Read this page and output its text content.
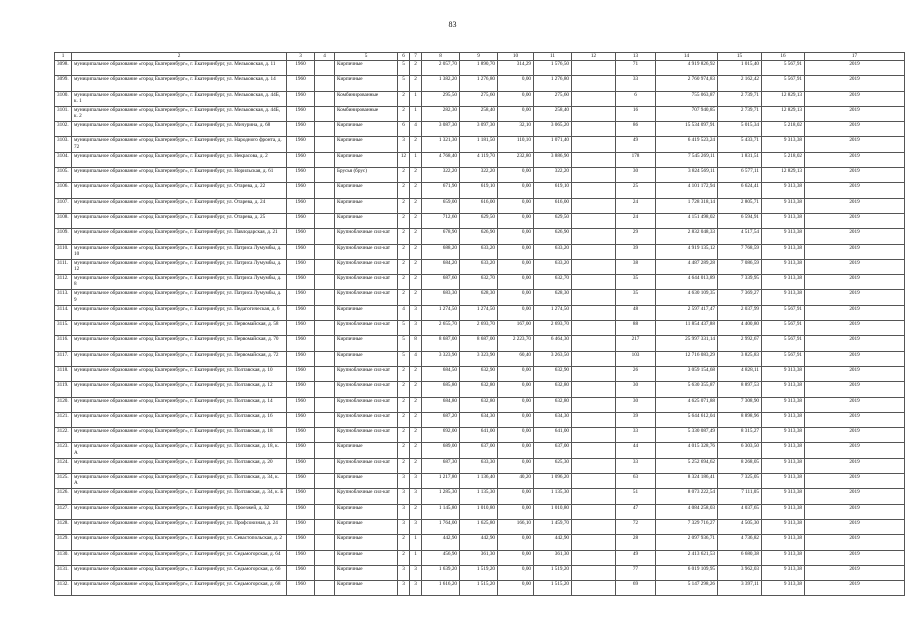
83
1	2	3	4	5	6	7	8	9	10	11	12	13	14	15	16	17
3098.	муниципальное образование «город Екатеринбург», г. Екатеринбург, ул. Мельковская, д. 11	1960		Кирпичные	5	2	2 057,70	1 890,70	314,29	1 576,50		71	4 919 826,92	1 015,40	5 567,91	2019
3099.	муниципальное образование «город Екатеринбург», г. Екатеринбург, ул. Мельковская, д. 14	1960		Кирпичные	5	2	1 382,20	1 276,80	0,00	1 276,80		33	2 760 974,83	2 162,42	5 567,91	2019
3100.	муниципальное образование «город Екатеринбург», г. Екатеринбург, ул. Мельковская, д. 44Б, к. 1	1960		Комбинированные	2	1	295,50	275,60	0,00	275,60		6	755 063,87	2 739,71	12 829,13	2019
3101.	муниципальное образование «город Екатеринбург», г. Екатеринбург, ул. Мельковская, д. 44Б, к. 2	1960		Комбинированные	2	1	282,30	258,40	0,00	258,40		16	707 940,85	2 739,71	12 829,13	2019
3102.	муниципальное образование «город Екатеринбург», г. Екатеринбург, ул. Мичурина, д. 68	1960		Кирпичные	6	4	3 087,30	3 097,30	32,10	3 065,20		86	15 534 097,91	5 015,34	5 218,02	2019
3103.	муниципальное образование «город Екатеринбург», г. Екатеринбург, ул. Народного фронта, д. 72	1960		Кирпичные	3	2	1 321,30	1 181,50	110,10	1 071,40		49	6 419 523,24	5 433,71	9 313,38	2019
3104.	муниципальное образование «город Екатеринбург», г. Екатеринбург, ул. Некрасова, д. 2	1960		Кирпичные	12	1	4 768,40	4 119,70	232,80	3 886,90		178	7 545 269,11	1 831,51	5 218,02	2019
3105.	муниципальное образование «город Екатеринбург», г. Екатеринбург, ул. Норильская, д. 61	1960		Брусья (брус)	2	2	322,20	322,20	0,00	322,20		30	3 824 569,11	6 577,11	12 829,13	2019
3106.	муниципальное образование «город Екатеринбург», г. Екатеринбург, ул. Отарева, д. 22	1960		Кирпичные	2	2	671,90	619,10	0,00	619,10		25	4 101 172,94	6 624,41	9 313,38	2019
3107.	муниципальное образование «город Екатеринбург», г. Екатеринбург, ул. Отарева, д. 24	1960		Кирпичные	2	2	659,00	616,00	0,00	616,00		24	1 728 318,14	2 805,71	9 313,38	2019
3108.	муниципальное образование «город Екатеринбург», г. Екатеринбург, ул. Отарева, д. 25	1960		Кирпичные	2	2	712,60	629,50	0,00	629,50		24	4 151 498,02	6 594,91	9 313,38	2019
3109.	муниципальное образование «город Екатеринбург», г. Екатеринбург, ул. Павлодарская, д. 21	1960		Крупноблочные сил-кат	2	2	678,90	626,90	0,00	626,90		29	2 832 048,33	4 517,54	9 313,38	2019
3110.	муниципальное образование «город Екатеринбург», г. Екатеринбург, ул. Патриса Лумумбы, д. 10	1960		Крупноблочные сил-кат	2	2	688,20	633,20	0,00	633,20		39	4 919 135,12	7 768,59	9 313,38	2019
3111.	муниципальное образование «город Екатеринбург», г. Екатеринбург, ул. Патриса Лумумбы, д. 12	1960		Крупноблочные сил-кат	2	2	684,20	633,20	0,00	633,20		38	4 487 289,28	7 086,59	9 313,38	2019
3112.	муниципальное образование «город Екатеринбург», г. Екатеринбург, ул. Патриса Лумумбы, д. 8	1960		Крупноблочные сил-кат	2	2	687,60	632,70	0,00	632,70		35	4 644 013,89	7 339,95	9 313,38	2019
3113.	муниципальное образование «город Екатеринбург», г. Екатеринбург, ул. Патриса Лумумбы, д. 9	1960		Крупноблочные сил-кат	2	2	683,30	628,30	0,00	628,30		35	4 630 109,35	7 369,27	9 313,38	2019
3114.	муниципальное образование «город Екатеринбург», г. Екатеринбург, ул. Педагогическая, д. 6	1960		Кирпичные	4	3	1 274,50	1 274,50	0,00	1 274,50		48	2 597 417,47	2 037,99	5 567,91	2019
3115.	муниципальное образование «город Екатеринбург», г. Екатеринбург, ул. Первомайская, д. 58	1960		Крупноблочные сил-кат	5	3	2 655,70	2 693,70	167,00	2 693,70		88	11 854 437,88	4 400,80	5 567,91	2019
3116.	муниципальное образование «город Екатеринбург», г. Екатеринбург, ул. Первомайская, д. 70	1960		Кирпичные	5	8	8 687,00	8 687,00	2 223,70	6 464,30		217	25 997 331,14	2 992,67	5 567,91	2019
3117.	муниципальное образование «город Екатеринбург», г. Екатеринбург, ул. Первомайская, д. 72	1960		Кирпичные	5	4	3 323,90	3 323,90	60,40	3 263,50		103	12 716 083,29	3 825,83	5 567,91	2019
3118.	муниципальное образование «город Екатеринбург», г. Екатеринбург, ул. Полтавская, д. 10	1960		Крупноблочные сил-кат	2	2	684,50	632,90	0,00	632,90		26	3 059 154,68	4 828,11	9 313,38	2019
3119.	муниципальное образование «город Екатеринбург», г. Екатеринбург, ул. Полтавская, д. 12	1960		Крупноблочные сил-кат	2	2	685,80	632,80	0,00	632,80		30	5 630 355,87	8 897,53	9 313,38	2019
3120.	муниципальное образование «город Екатеринбург», г. Екатеринбург, ул. Полтавская, д. 14	1960		Крупноблочные сил-кат	2	2	684,80	632,80	0,00	632,80		30	4 625 071,88	7 308,90	9 313,38	2019
3121.	муниципальное образование «город Екатеринбург», г. Екатеринбург, ул. Полтавская, д. 16	1960		Крупноблочные сил-кат	2	2	687,20	634,30	0,00	634,30		39	5 644 612,04	8 898,96	9 313,38	2019
3122.	муниципальное образование «город Екатеринбург», г. Екатеринбург, ул. Полтавская, д. 18	1960		Крупноблочные сил-кат	2	2	692,00	641,00	0,00	641,00		33	5 330 087,49	8 315,27	9 313,38	2019
3123.	муниципальное образование «город Екатеринбург», г. Екатеринбург, ул. Полтавская, д. 18, к. А	1960		Кирпичные	2	2	689,00	637,00	0,00	637,00		44	4 015 328,76	6 303,50	9 313,38	2019
3124.	муниципальное образование «город Екатеринбург», г. Екатеринбург, ул. Полтавская, д. 20	1960		Крупноблочные сил-кат	2	2	687,30	633,30	0,00	625,30		33	5 252 694,62	8 268,05	9 313,38	2019
3125.	муниципальное образование «город Екатеринбург», г. Екатеринбург, ул. Полтавская, д. 34, к. А	1960		Кирпичные	3	3	1 217,80	1 136,40	40,20	1 096,20		63	8 324 186,41	7 325,05	9 313,38	2019
3126.	муниципальное образование «город Екатеринбург», г. Екатеринбург, ул. Полтавская, д. 34, к. Б	1960		Крупноблочные сил-кат	3	3	1 285,30	1 135,30	0,00	1 135,30		51	8 073 222,54	7 111,05	9 313,38	2019
3127.	муниципальное образование «город Екатеринбург», г. Екатеринбург, ул. Проезжей, д. 32	1960		Кирпичные	3	2	1 145,80	1 010,80	0,00	1 010,80		47	4 084 258,03	4 037,65	9 313,38	2019
3128.	муниципальное образование «город Екатеринбург», г. Екатеринбург, ул. Профсоюзная, д. 24	1960		Кирпичные	3	3	1 764,00	1 625,80	166,10	1 459,70		72	7 329 716,27	4 505,30	9 313,38	2019
3129.	муниципальное образование «город Екатеринбург», г. Екатеринбург, ул. Севастопольская, д. 2	1960		Кирпичные	2	1	442,90	442,90	0,00	442,90		28	2 097 936,71	4 736,82	9 313,38	2019
3130.	муниципальное образование «город Екатеринбург», г. Екатеринбург, ул. Седьмогорская, д. 64	1960		Кирпичные	2	1	456,90	361,30	0,00	361,30		49	2 413 621,53	6 680,38	9 313,38	2019
3131.	муниципальное образование «город Екатеринбург», г. Екатеринбург, ул. Седьмогорская, д. 66	1960		Кирпичные	3	3	1 639,20	1 519,20	0,00	1 519,20		77	6 019 109,95	3 962,03	9 313,38	2019
3132.	муниципальное образование «город Екатеринбург», г. Екатеринбург, ул. Седьмогорская, д. 68	1960		Кирпичные	3	3	1 616,20	1 515,20	0,00	1 515,20		69	5 147 298,26	3 397,11	9 313,38	2019
